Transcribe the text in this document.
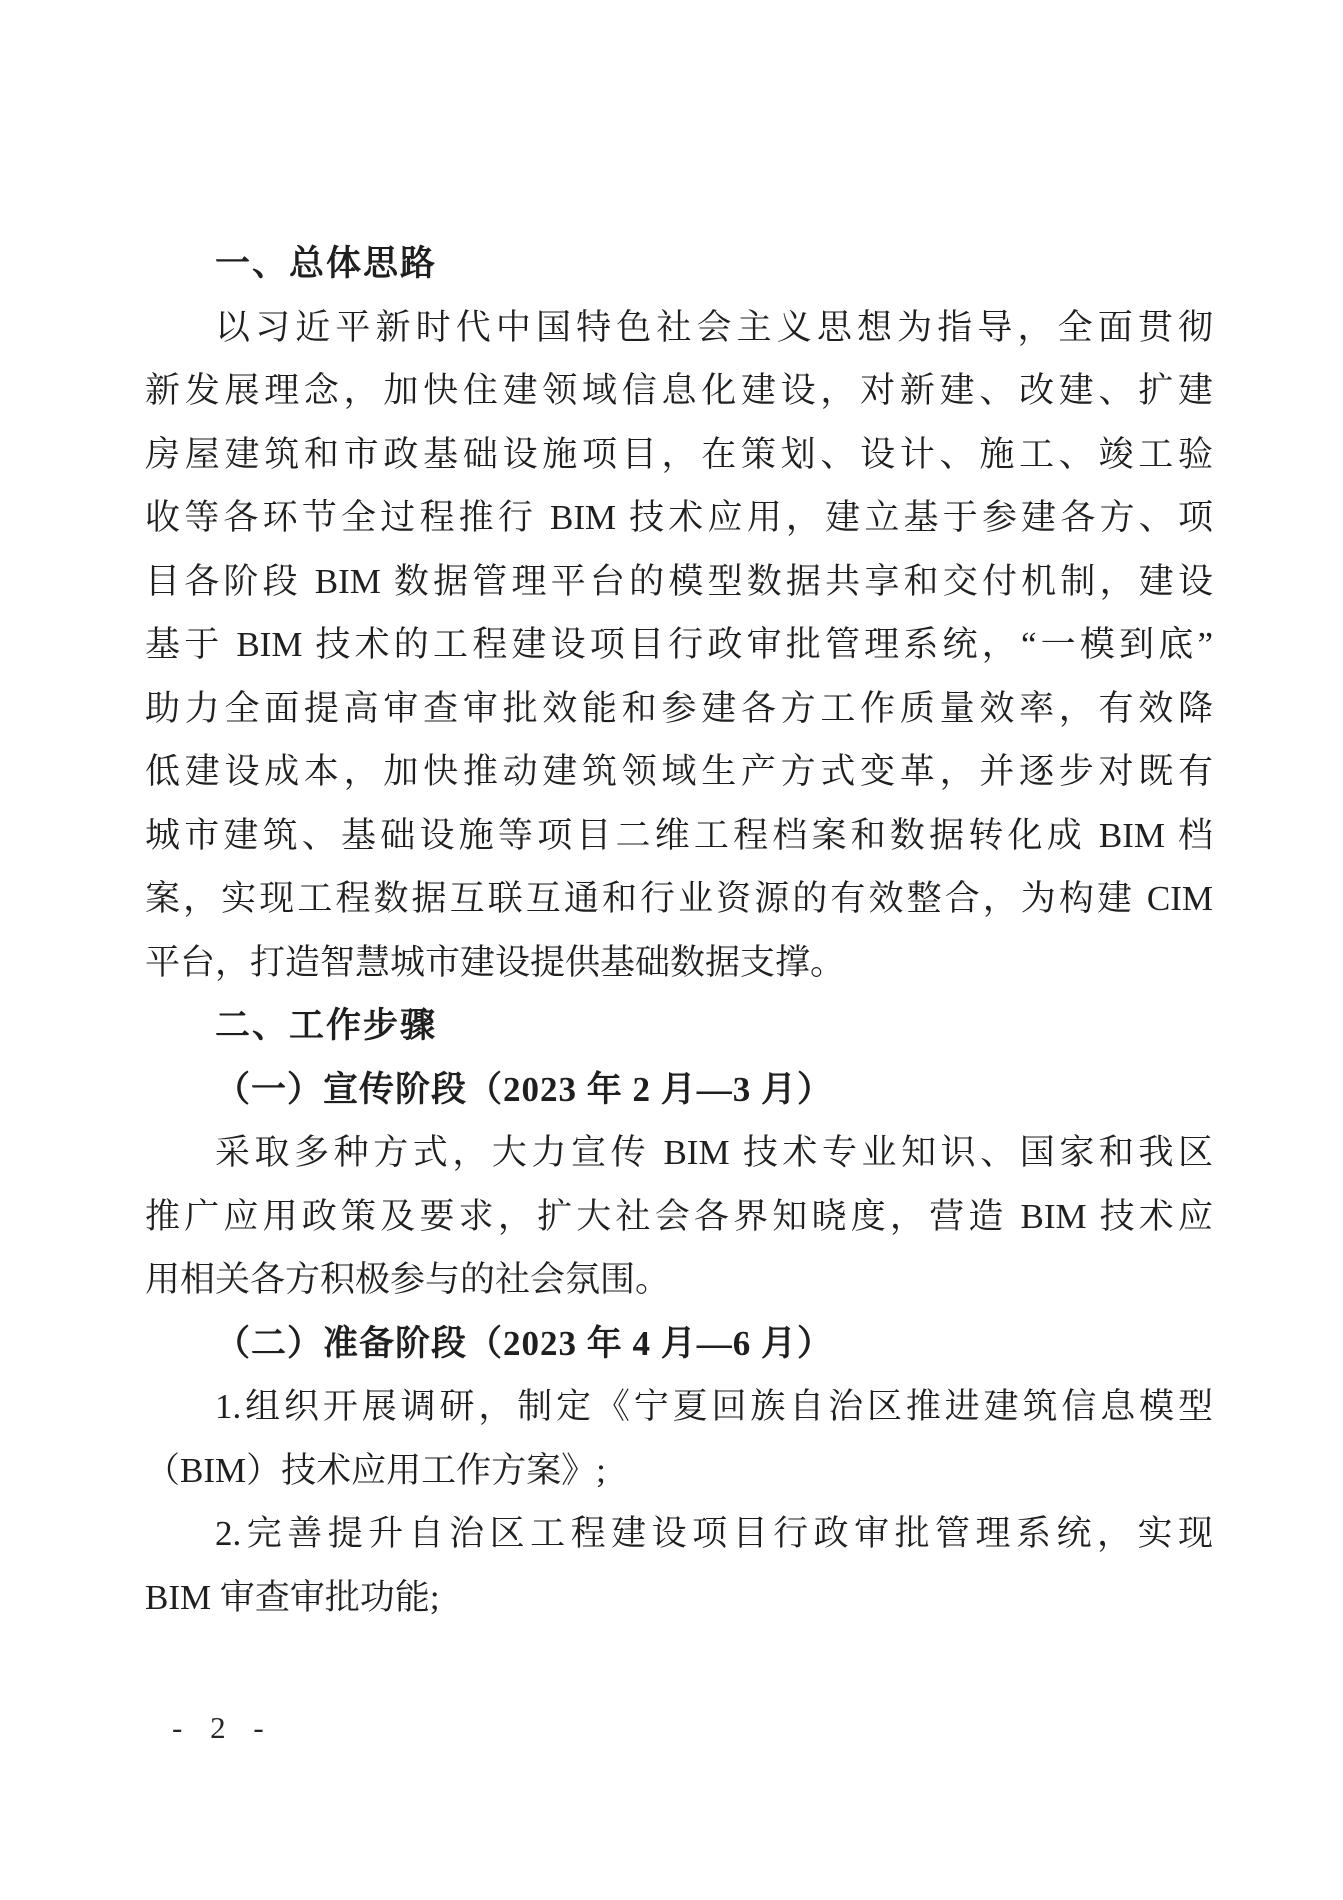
一、总体思路
以习近平新时代中国特色社会主义思想为指导，全面贯彻
新发展理念，加快住建领域信息化建设，对新建、改建、扩建
房屋建筑和市政基础设施项目，在策划、设计、施工、竣工验
收等各环节全过程推行 BIM 技术应用，建立基于参建各方、项
目各阶段 BIM 数据管理平台的模型数据共享和交付机制，建设
基于 BIM 技术的工程建设项目行政审批管理系统，“一模到底”
助力全面提高审查审批效能和参建各方工作质量效率，有效降
低建设成本，加快推动建筑领域生产方式变革，并逐步对既有
城市建筑、基础设施等项目二维工程档案和数据转化成 BIM 档
案，实现工程数据互联互通和行业资源的有效整合，为构建 CIM
平台，打造智慧城市建设提供基础数据支撑。
二、工作步骤
（一）宣传阶段（2023 年 2 月—3 月）
采取多种方式，大力宣传 BIM 技术专业知识、国家和我区
推广应用政策及要求，扩大社会各界知晓度，营造 BIM 技术应
用相关各方积极参与的社会氛围。
（二）准备阶段（2023 年 4 月—6 月）
1.组织开展调研，制定《宁夏回族自治区推进建筑信息模型
（BIM）技术应用工作方案》;
2.完善提升自治区工程建设项目行政审批管理系统，实现
BIM 审查审批功能;
- 2 -
